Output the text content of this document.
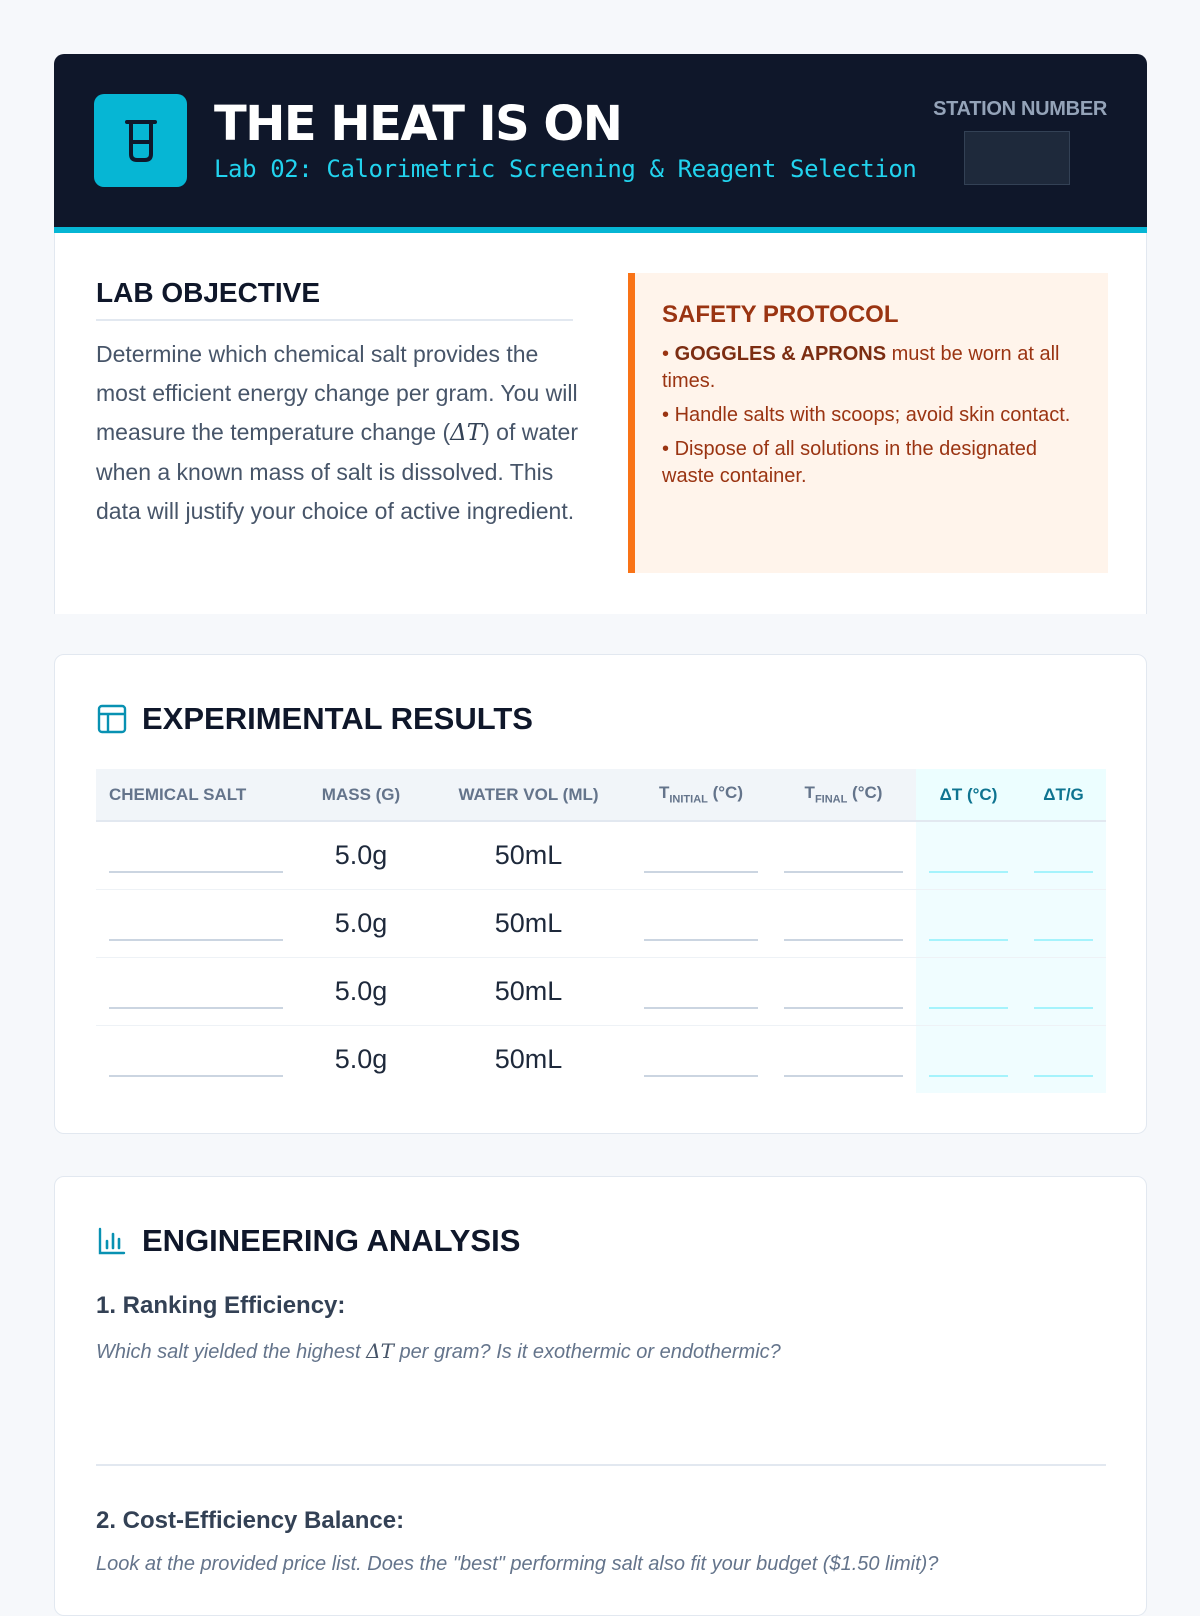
THE HEAT IS ON
Lab 02: Calorimetric Screening & Reagent Selection
STATION NUMBER
LAB OBJECTIVE
Determine which chemical salt provides the most efficient energy change per gram. You will measure the temperature change (ΔT) of water when a known mass of salt is dissolved. This data will justify your choice of active ingredient.
SAFETY PROTOCOL
• GOGGLES & APRONS must be worn at all times.
• Handle salts with scoops; avoid skin contact.
• Dispose of all solutions in the designated waste container.
EXPERIMENTAL RESULTS
CHEMICAL SALT	MASS (G)	WATER VOL (ML)	$T_{INITIAL}$ (°C)	$T_{FINAL}$ (°C)	ΔT (°C)	ΔT/G

	5.0g	50mL	

	5.0g	50mL	

	5.0g	50mL	

	5.0g	50mL	

ENGINEERING ANALYSIS
1. Ranking Efficiency:
Which salt yielded the highest ΔT per gram? Is it exothermic or endothermic?
2. Cost-Efficiency Balance:
Look at the provided price list. Does the "best" performing salt also fit your budget ($1.50 limit)?
